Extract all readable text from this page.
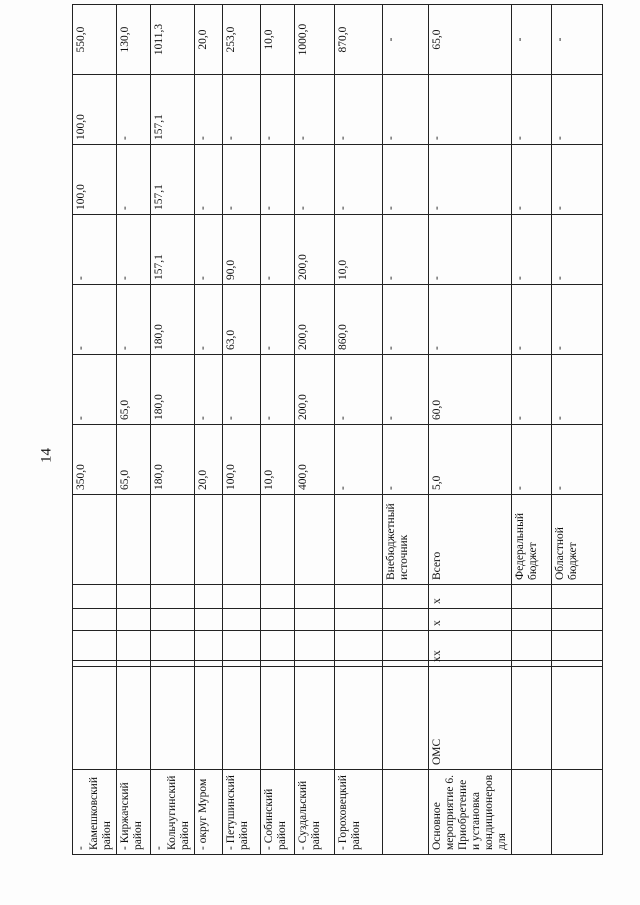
14
- Камешковский район							350,0	-	-	-	100,0	100,0	550,0
- Киржачский район							65,0	65,0	-	-	-	-	130,0
- Кольчугинский район							180,0	180,0	180,0	157,1	157,1	157,1	1011,3
- округ Муром							20,0	-	-	-	-	-	20,0
- Петушинский район							100,0	-	63,0	90,0	-	-	253,0
- Собинский район							10,0	-	-	-	-	-	10,0
- Суздальский район							400,0	200,0	200,0	200,0	-	-	1000,0
- Гороховецкий район							-	-	860,0	10,0	-	-	870,0
						Внебюджетный источник	-	-	-	-	-	-	-
Основное мероприятие 6. Приобретение и установка кондиционеров для	ОМС	x	x	x	x	Всего	5,0	60,0	-	-	-	-	65,0
						Федеральный бюджет	-	-	-	-	-	-	-
						Областной бюджет	-	-	-	-	-	-	-
